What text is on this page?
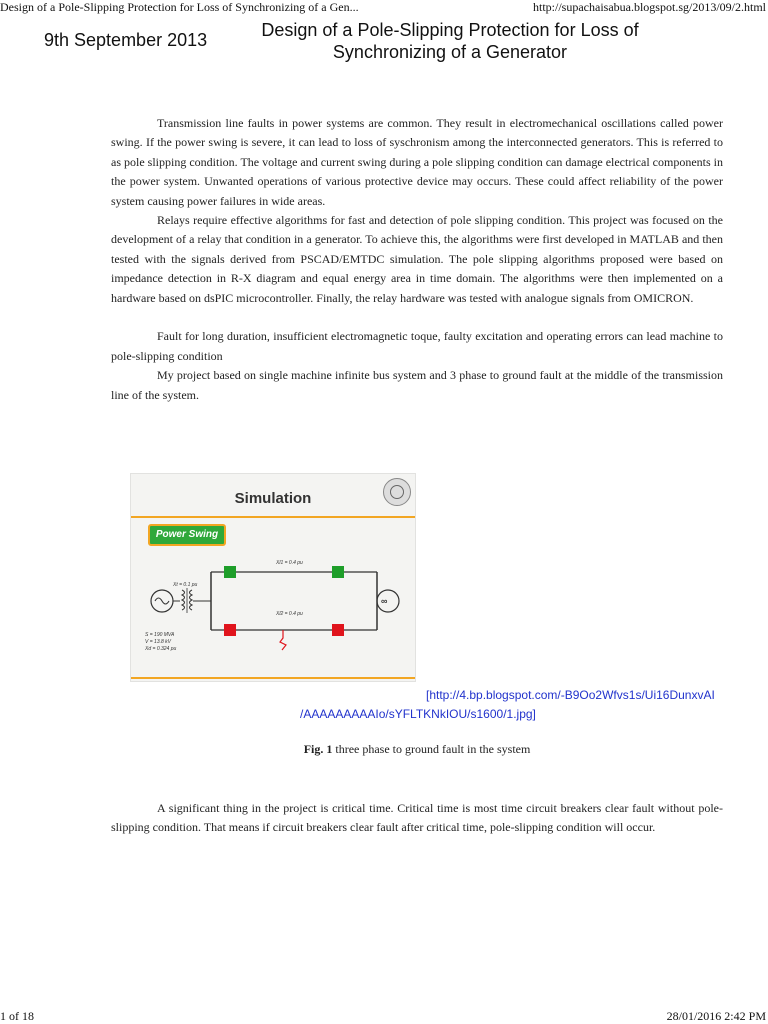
Design of a Pole-Slipping Protection for Loss of Synchronizing of a Gen...	http://supachaisabua.blogspot.sg/2013/09/2.html
9th September 2013	Design of a Pole-Slipping Protection for Loss of Synchronizing of a Generator

Transmission line faults in power systems are common. They result in electromechanical oscillations called power swing. If the power swing is severe, it can lead to loss of syschronism among the interconnected generators. This is referred to as pole slipping condition. The voltage and current swing during a pole slipping condition can damage electrical components in the power system. Unwanted operations of various protective device may occurs. These could affect reliability of the power system causing power failures in wide areas.

Relays require effective algorithms for fast and detection of pole slipping condition. This project was focused on the development of a relay that condition in a generator. To achieve this, the algorithms were first developed in MATLAB and then tested with the signals derived from PSCAD/EMTDC simulation. The pole slipping algorithms proposed were based on impedance detection in R-X diagram and equal energy area in time domain. The algorithms were then implemented on a hardware based on dsPIC microcontroller. Finally, the relay hardware was tested with analogue signals from OMICRON.

Fault for long duration, insufficient electromagnetic toque, faulty excitation and operating errors can lead machine to pole-slipping condition

My project based on single machine infinite bus system and 3 phase to ground fault at the middle of the transmission line of the system.

Simulation
Power Swing
∞
Xl1 = 0.4 pu
Xt = 0.1 pu
Xl2 = 0.4 pu
S = 190 MVA
V = 13.8 kV
Xd = 0.324 pu
[http://4.bp.blogspot.com/-B9Oo2Wfvs1s/Ui16DunxvAI
/AAAAAAAAAIo/sYFLTKNkIOU/s1600/1.jpg]
Fig. 1 three phase to ground fault in the system

A significant thing in the project is critical time. Critical time is most time circuit breakers clear fault without pole-slipping condition. That means if circuit breakers clear fault after critical time, pole-slipping condition will occur.

1 of 18	28/01/2016 2:42 PM
